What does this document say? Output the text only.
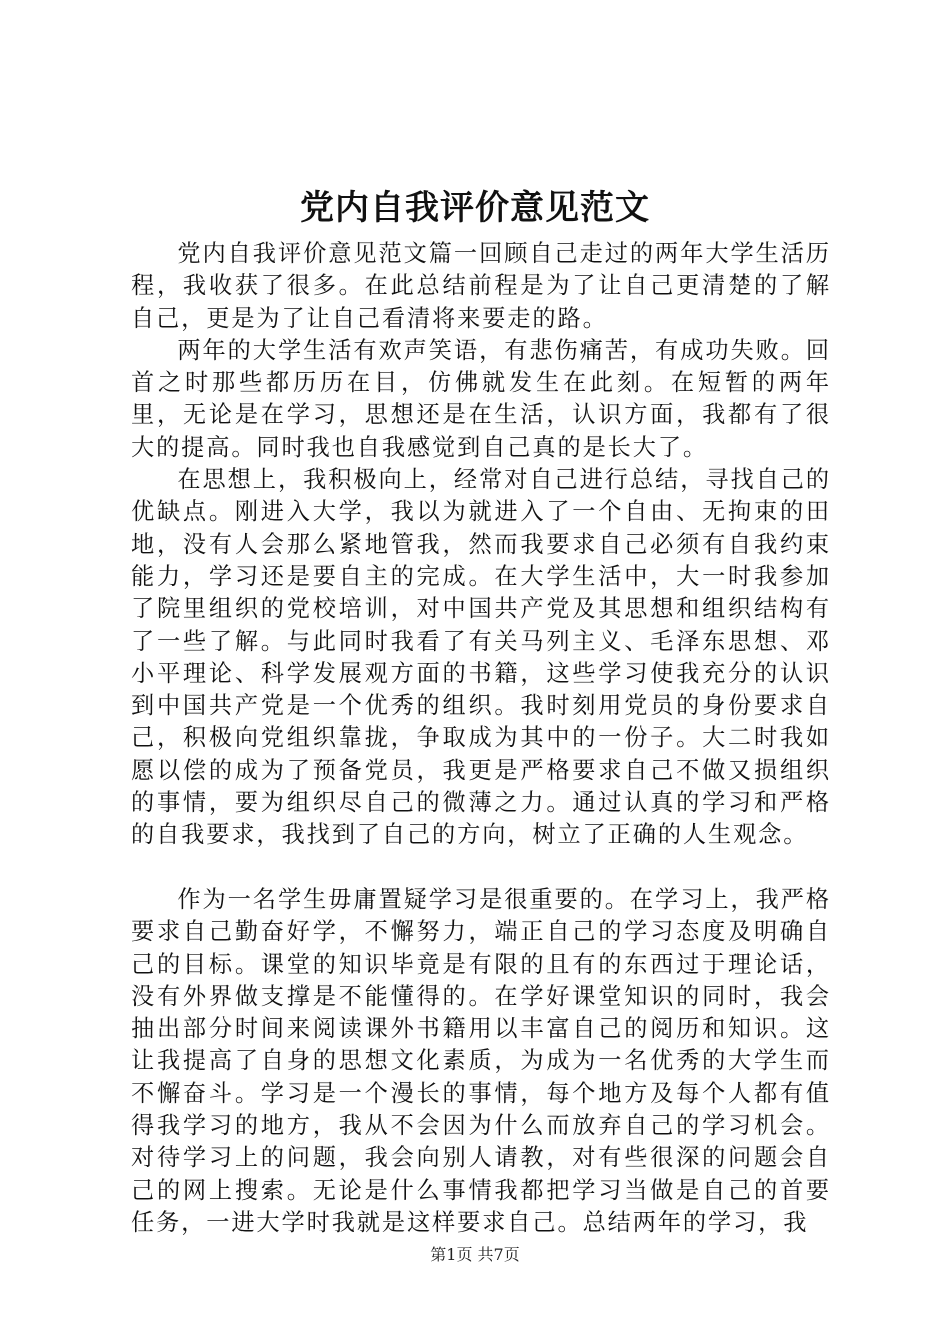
党内自我评价意见范文

党内自我评价意见范文篇一回顾自己走过的两年大学生活历程，我收获了很多。在此总结前程是为了让自己更清楚的了解自己，更是为了让自己看清将来要走的路。

两年的大学生活有欢声笑语，有悲伤痛苦，有成功失败。回首之时那些都历历在目，仿佛就发生在此刻。在短暂的两年里，无论是在学习，思想还是在生活，认识方面，我都有了很大的提高。同时我也自我感觉到自己真的是长大了。

在思想上，我积极向上，经常对自己进行总结，寻找自己的优缺点。刚进入大学，我以为就进入了一个自由、无拘束的田地，没有人会那么紧地管我，然而我要求自己必须有自我约束能力，学习还是要自主的完成。在大学生活中，大一时我参加了院里组织的党校培训，对中国共产党及其思想和组织结构有了一些了解。与此同时我看了有关马列主义、毛泽东思想、邓小平理论、科学发展观方面的书籍，这些学习使我充分的认识到中国共产党是一个优秀的组织。我时刻用党员的身份要求自己，积极向党组织靠拢，争取成为其中的一份子。大二时我如愿以偿的成为了预备党员，我更是严格要求自己不做又损组织的事情，要为组织尽自己的微薄之力。通过认真的学习和严格的自我要求，我找到了自己的方向，树立了正确的人生观念。

作为一名学生毋庸置疑学习是很重要的。在学习上，我严格要求自己勤奋好学，不懈努力，端正自己的学习态度及明确自己的目标。课堂的知识毕竟是有限的且有的东西过于理论话，没有外界做支撑是不能懂得的。在学好课堂知识的同时，我会抽出部分时间来阅读课外书籍用以丰富自己的阅历和知识。这让我提高了自身的思想文化素质，为成为一名优秀的大学生而不懈奋斗。学习是一个漫长的事情，每个地方及每个人都有值得我学习的地方，我从不会因为什么而放弃自己的学习机会。对待学习上的问题，我会向别人请教，对有些很深的问题会自己的网上搜索。无论是什么事情我都把学习当做是自己的首要任务，一进大学时我就是这样要求自己。总结两年的学习，我

第1页 共7页
